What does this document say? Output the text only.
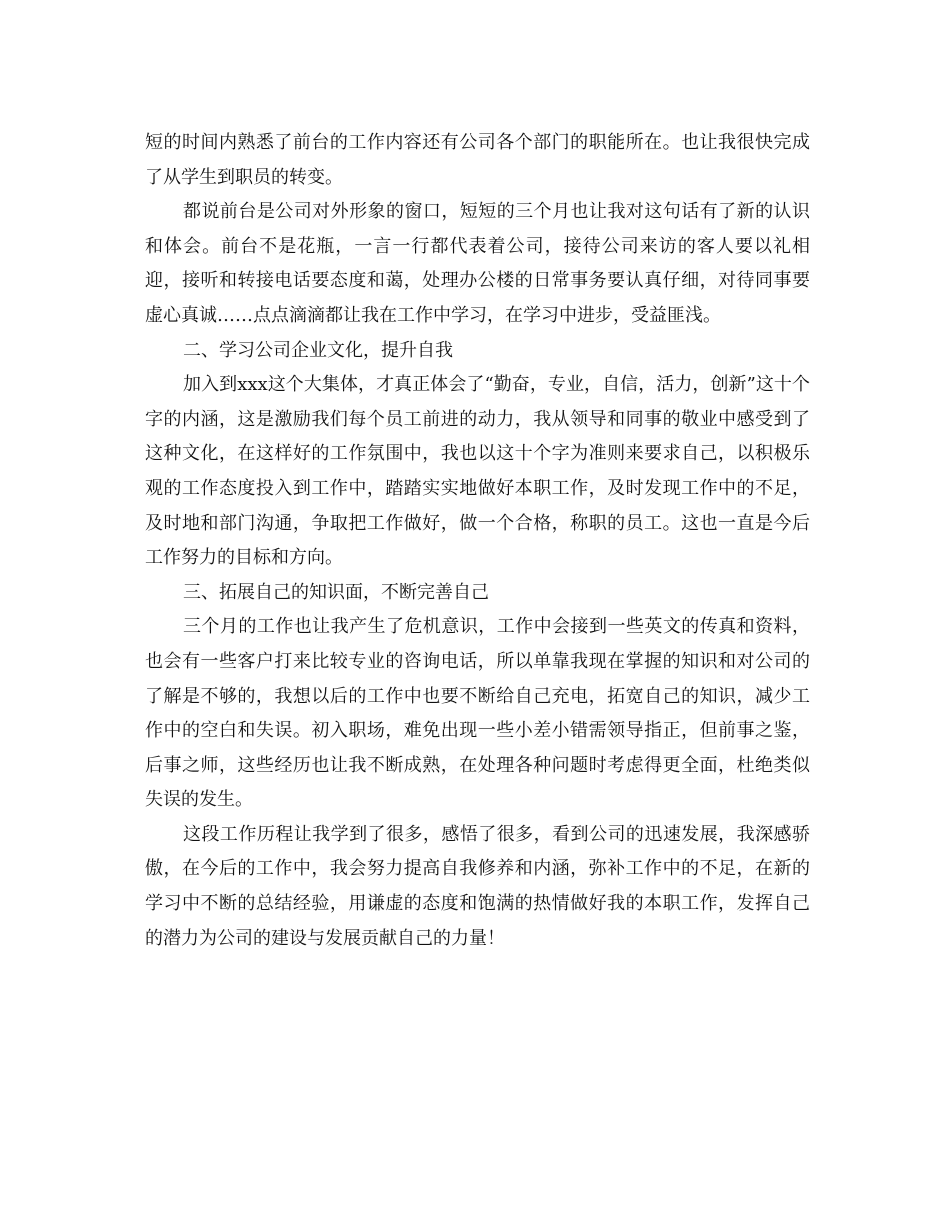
短的时间内熟悉了前台的工作内容还有公司各个部门的职能所在。也让我很快完成了从学生到职员的转变。

都说前台是公司对外形象的窗口，短短的三个月也让我对这句话有了新的认识和体会。前台不是花瓶，一言一行都代表着公司，接待公司来访的客人要以礼相迎，接听和转接电话要态度和蔼，处理办公楼的日常事务要认真仔细，对待同事要虚心真诚……点点滴滴都让我在工作中学习，在学习中进步，受益匪浅。

二、学习公司企业文化，提升自我

加入到xxx这个大集体，才真正体会了“勤奋，专业，自信，活力，创新”这十个字的内涵，这是激励我们每个员工前进的动力，我从领导和同事的敬业中感受到了这种文化，在这样好的工作氛围中，我也以这十个字为准则来要求自己，以积极乐观的工作态度投入到工作中，踏踏实实地做好本职工作，及时发现工作中的不足，及时地和部门沟通，争取把工作做好，做一个合格，称职的员工。这也一直是今后工作努力的目标和方向。

三、拓展自己的知识面，不断完善自己

三个月的工作也让我产生了危机意识，工作中会接到一些英文的传真和资料，也会有一些客户打来比较专业的咨询电话，所以单靠我现在掌握的知识和对公司的了解是不够的，我想以后的工作中也要不断给自己充电，拓宽自己的知识，减少工作中的空白和失误。初入职场，难免出现一些小差小错需领导指正，但前事之鉴，后事之师，这些经历也让我不断成熟，在处理各种问题时考虑得更全面，杜绝类似失误的发生。

这段工作历程让我学到了很多，感悟了很多，看到公司的迅速发展，我深感骄傲，在今后的工作中，我会努力提高自我修养和内涵，弥补工作中的不足，在新的学习中不断的总结经验，用谦虚的态度和饱满的热情做好我的本职工作，发挥自己的潜力为公司的建设与发展贡献自己的力量！
